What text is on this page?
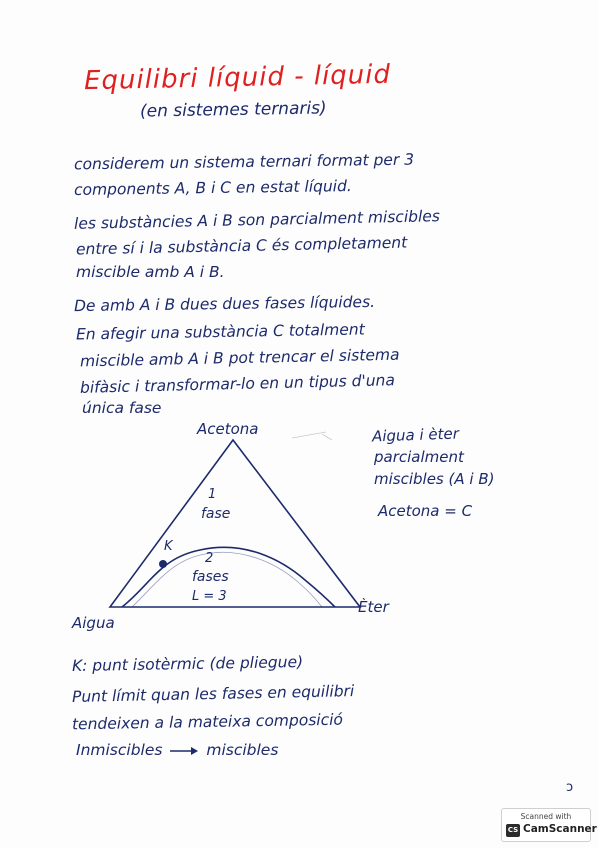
Equilibri líquid - líquid
(en sistemes ternaris)
considerem un sistema ternari format per 3
components A, B i C en estat líquid.
les substàncies A i B son parcialment miscibles
entre sí i la substància C és completament
miscible amb A i B.
De amb A i B dues dues fases líquides.
En afegir una substància C totalment
miscible amb A i B pot trencar el sistema
bifàsic i transformar-lo en un tipus d'una
única fase
Acetona
Aigua
Èter
1
fase
2
fases
L = 3
K
Aigua i èter
parcialment
miscibles (A i B)
Acetona = C
K: punt isotèrmic (de pliegue)
Punt límit quan les fases en equilibri
tendeixen a la mateixa composició
Inmiscibles	miscibles
ↄ
Scanned with
CS CamScanner
